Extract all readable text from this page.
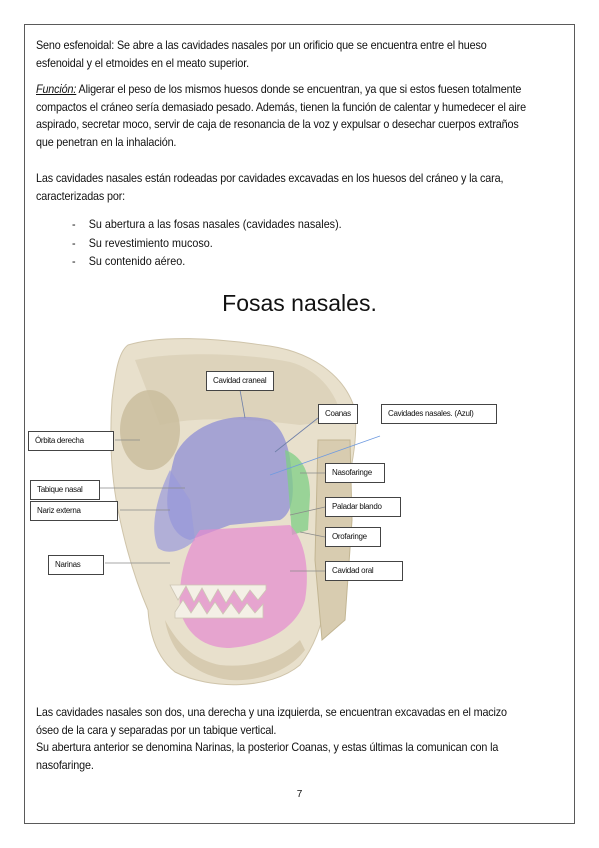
Seno esfenoidal: Se abre a las cavidades nasales por un orificio que se encuentra entre el hueso esfenoidal y el etmoides en el meato superior.
Función: Aligerar el peso de los mismos huesos donde se encuentran, ya que si estos fuesen totalmente compactos el cráneo sería demasiado pesado. Además, tienen la función de calentar y humedecer el aire aspirado, secretar moco, servir de caja de resonancia de la voz y expulsar o desechar cuerpos extraños que penetran en la inhalación.
Las cavidades nasales están rodeadas por cavidades excavadas en los huesos del cráneo y la cara, caracterizadas por:
-	Su abertura a las fosas nasales (cavidades nasales).
-	Su revestimiento mucoso.
-	Su contenido aéreo.
Fosas nasales.
Cavidad craneal
Coanas	Cavidades nasales. (Azul)
Órbita derecha
Nasofaringe
Tabique nasal
Paladar blando
Nariz externa
Orofaringe
Narinas
Cavidad oral
Las cavidades nasales son dos, una derecha y una izquierda, se encuentran excavadas en el macizo óseo de la cara y separadas por un tabique vertical.
Su abertura anterior se denomina Narinas, la posterior Coanas, y estas últimas la comunican con la nasofaringe.
7
